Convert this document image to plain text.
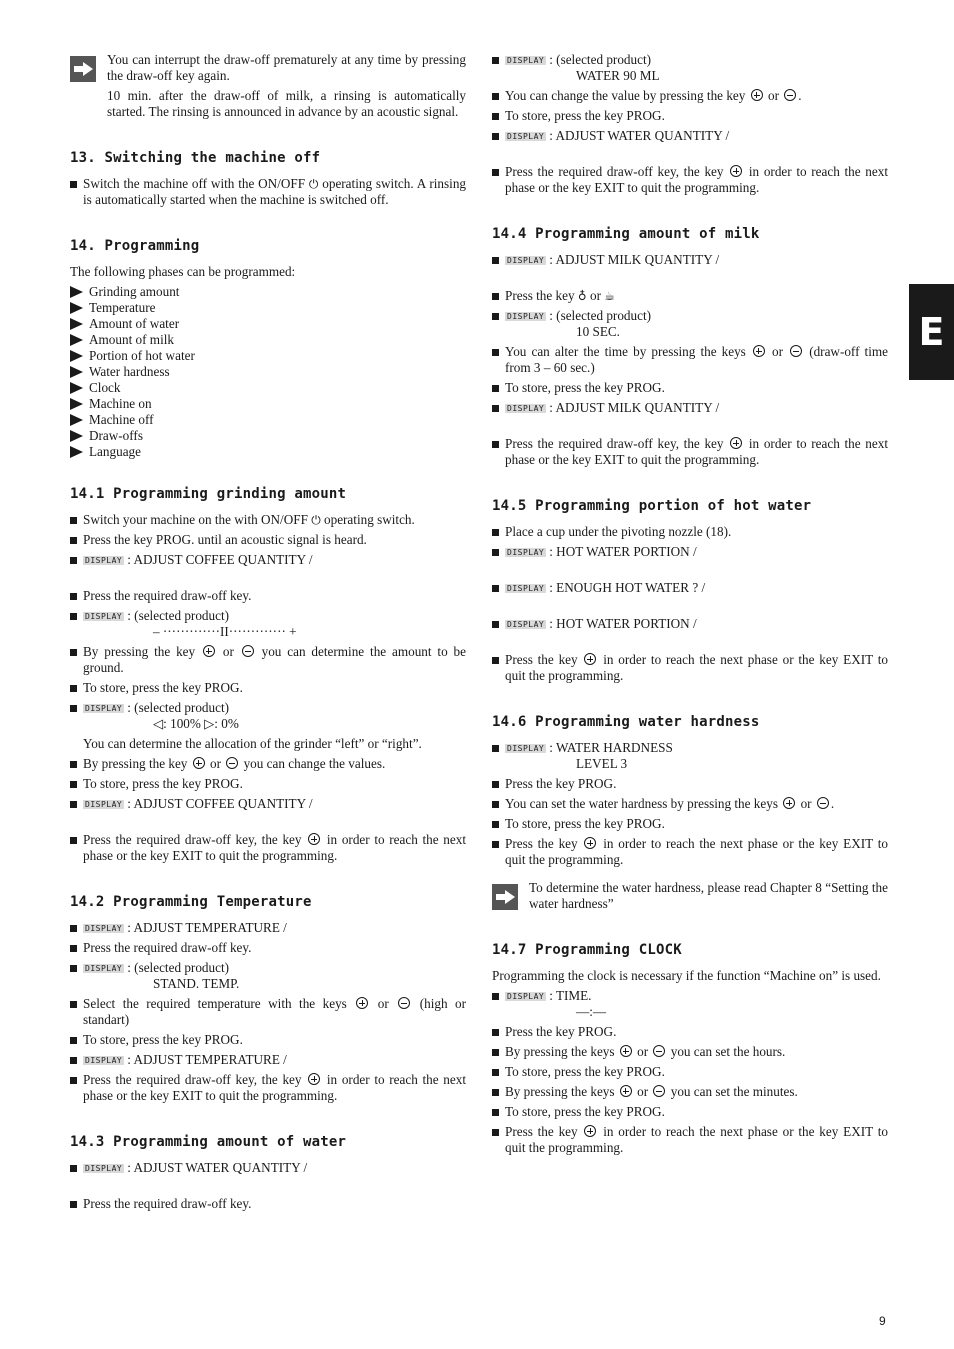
E

You can interrupt the draw-off prematurely at any time by pressing the draw-off key again.

10 min. after the draw-off of milk, a rinsing is automatically started. The rinsing is announced in advance by an acoustic signal.

13. Switching the machine off
Switch the machine off with the ON/OFF ⏻ operating switch. A rinsing is automatically started when the machine is switched off.
14. Programming

The following phases can be programmed:

Grinding amount
Temperature
Amount of water
Amount of milk
Portion of hot water
Water hardness
Clock
Machine on
Machine off
Draw-offs
Language
14.1 Programming grinding amount
Switch your machine on the with ON/OFF ⏻ operating switch.
Press the key PROG. until an acoustic signal is heard.
DISPLAY : ADJUST COFFEE QUANTITY /
Press the required draw-off key.
DISPLAY : (selected product)
– ·············II············· +
By pressing the key or you can determine the amount to be ground.
To store, press the key PROG.
DISPLAY : (selected product)
◁: 100% ▷: 0%

You can determine the allocation of the grinder “left” or “right”.

By pressing the key or you can change the values.
To store, press the key PROG.
DISPLAY : ADJUST COFFEE QUANTITY /
Press the required draw-off key, the key in order to reach the next phase or the key EXIT to quit the programming.
14.2 Programming Temperature
DISPLAY : ADJUST TEMPERATURE /
Press the required draw-off key.
DISPLAY : (selected product)
STAND. TEMP.
Select the required temperature with the keys or (high or standart)
To store, press the key PROG.
DISPLAY : ADJUST TEMPERATURE /
Press the required draw-off key, the key in order to reach the next phase or the key EXIT to quit the programming.
14.3 Programming amount of water
DISPLAY : ADJUST WATER QUANTITY /
Press the required draw-off key.
DISPLAY : (selected product)
WATER 90 ML
You can change the value by pressing the key or .
To store, press the key PROG.
DISPLAY : ADJUST WATER QUANTITY /
Press the required draw-off key, the key in order to reach the next phase or the key EXIT to quit the programming.
14.4 Programming amount of milk
DISPLAY : ADJUST MILK QUANTITY /
Press the key ♁ or ☕
DISPLAY : (selected product)
10 SEC.
You can alter the time by pressing the keys or (draw-off time from 3 – 60 sec.)
To store, press the key PROG.
DISPLAY : ADJUST MILK QUANTITY /
Press the required draw-off key, the key in order to reach the next phase or the key EXIT to quit the programming.
14.5 Programming portion of hot water
Place a cup under the pivoting nozzle (18).
DISPLAY : HOT WATER PORTION /
DISPLAY : ENOUGH HOT WATER ? /
DISPLAY : HOT WATER PORTION /
Press the key in order to reach the next phase or the key EXIT to quit the programming.
14.6 Programming water hardness
DISPLAY : WATER HARDNESS
LEVEL 3
Press the key PROG.
You can set the water hardness by pressing the keys or .
To store, press the key PROG.
Press the key in order to reach the next phase or the key EXIT to quit the programming.

To determine the water hardness, please read Chapter 8 “Setting the water hardness”

14.7 Programming CLOCK

Programming the clock is necessary if the function “Machine on” is used.

DISPLAY : TIME.
—:—
Press the key PROG.
By pressing the keys or you can set the hours.
To store, press the key PROG.
By pressing the keys or you can set the minutes.
To store, press the key PROG.
Press the key in order to reach the next phase or the key EXIT to quit the programming.
9
